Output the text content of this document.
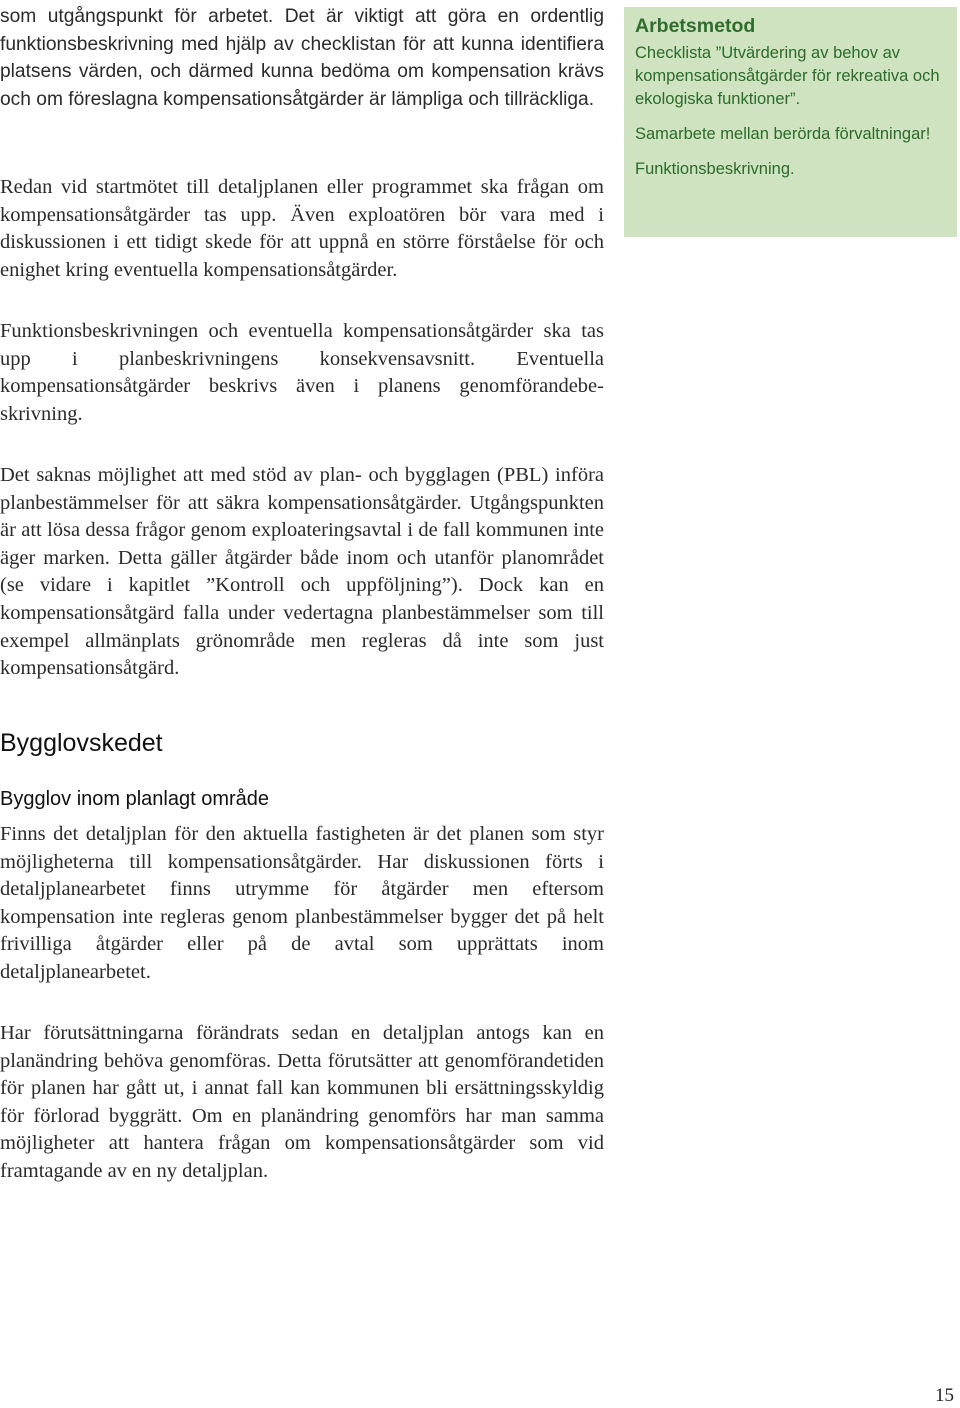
som utgångspunkt för arbetet. Det är viktigt att göra en ordentlig funktionsbeskrivning med hjälp av checklistan för att kunna identifiera platsens värden, och därmed kunna bedöma om kompensation krävs och om föreslagna kompensationsåtgärder är lämpliga och tillräckliga.

Redan vid startmötet till detaljplanen eller programmet ska frågan om kompensationsåtgärder tas upp. Även exploatören bör vara med i diskussionen i ett tidigt skede för att uppnå en större förståelse för och enighet kring eventuella kompensationsåtgärder.

Funktionsbeskrivningen och eventuella kompensationsåtgärder ska tas upp i planbeskrivningens konsekvensavsnitt. Eventuella kompensationsåtgärder beskrivs även i planens genomförandebeskrivning.

Det saknas möjlighet att med stöd av plan- och bygglagen (PBL) införa planbestämmelser för att säkra kompensationsåtgärder. Utgångspunkten är att lösa dessa frågor genom exploateringsavtal i de fall kommunen inte äger marken. Detta gäller åtgärder både inom och utanför planområdet (se vidare i kapitlet ”Kontroll och uppföljning”). Dock kan en kompensationsåtgärd falla under vedertagna planbestämmelser som till exempel allmänplats grönområde men regleras då inte som just kompensationsåtgärd.

Bygglovskedet
Bygglov inom planlagt område

Finns det detaljplan för den aktuella fastigheten är det planen som styr möjligheterna till kompensationsåtgärder. Har diskussionen förts i detaljplanearbetet finns utrymme för åtgärder men eftersom kompensation inte regleras genom planbestämmelser bygger det på helt frivilliga åtgärder eller på de avtal som upprättats inom detaljplanearbetet.

Har förutsättningarna förändrats sedan en detaljplan antogs kan en planändring behöva genomföras. Detta förutsätter att genomförandetiden för planen har gått ut, i annat fall kan kommunen bli ersättningsskyldig för förlorad byggrätt. Om en planändring genomförs har man samma möjligheter att hantera frågan om kompensationsåtgärder som vid framtagande av en ny detaljplan.

Arbetsmetod

Checklista ”Utvärdering av behov av kompensationsåtgärder för rekreativa och ekologiska funktioner”.

Samarbete mellan berörda förvaltningar!

Funktionsbeskrivning.

15
